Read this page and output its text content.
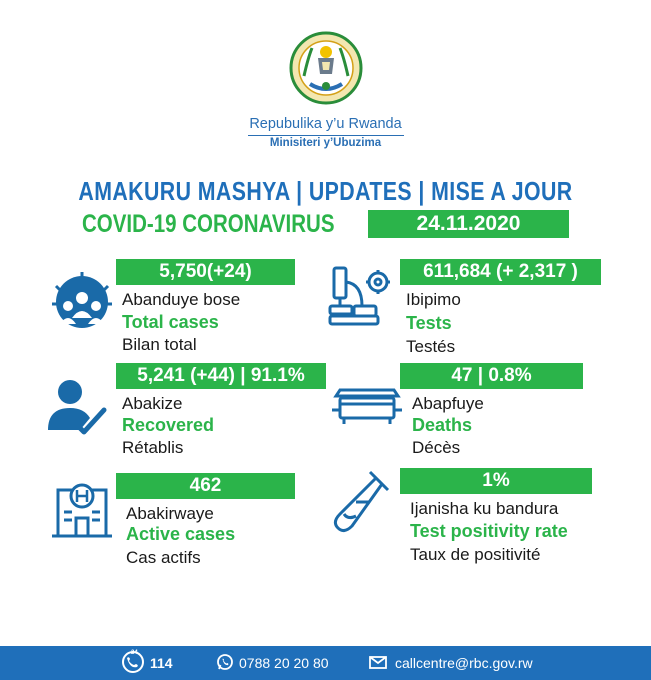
Repubulika y’u Rwanda
Minisiteri y’Ubuzima
AMAKURU MASHYA | UPDATES | MISE A JOUR
COVID-19 CORONAVIRUS	24.11.2020
5,750(+24)
Abanduye bose
Total cases
Bilan total
611,684 (+ 2,317 )
Ibipimo
Tests
Testés
5,241 (+44) | 91.1%
Abakize
Recovered
Rétablis
47 | 0.8%
Abapfuye
Deaths
Décès
462
Abakirwaye
Active cases
Cas actifs
1%
Ijanisha ku bandura
Test positivity rate
Taux de positivité
24
114	0788 20 20 80	callcentre@rbc.gov.rw
